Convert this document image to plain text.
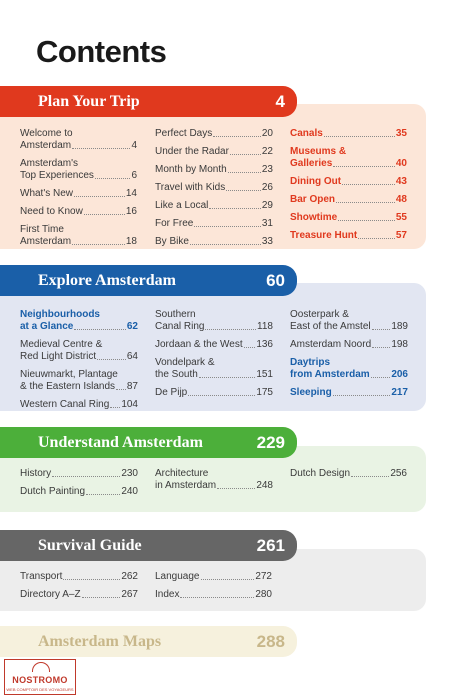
Contents
Plan Your Trip	4
Welcome to
Amsterdam	4
Amsterdam's
Top Experiences	6
What's New	14
Need to Know	16
First Time
Amsterdam	18
Perfect Days	20
Under the Radar	22
Month by Month	23
Travel with Kids	26
Like a Local	29
For Free	31
By Bike	33
Canals	35
Museums &
Galleries	40
Dining Out	43
Bar Open	48
Showtime	55
Treasure Hunt	57
Explore Amsterdam	60
Neighbourhoods
at a Glance	62
Medieval Centre &
Red Light District	64
Nieuwmarkt, Plantage
& the Eastern Islands 87
Western Canal Ring 104
Southern
Canal Ring	118
Jordaan & the West 136
Vondelpark &
the South	151
De Pijp	175
Oosterpark &
East of the Amstel 189
Amsterdam Noord 198
Daytrips
from Amsterdam 206
Sleeping	217
Understand Amsterdam	229
History	230
Dutch Painting	240
Architecture
in Amsterdam	248
Dutch Design	256
Survival Guide	261
Transport	262
Directory A–Z	267
Language	272
Index	280
Amsterdam Maps	288
NOSTROMO
WEB COMPTOIR DES VOYAGEURS
